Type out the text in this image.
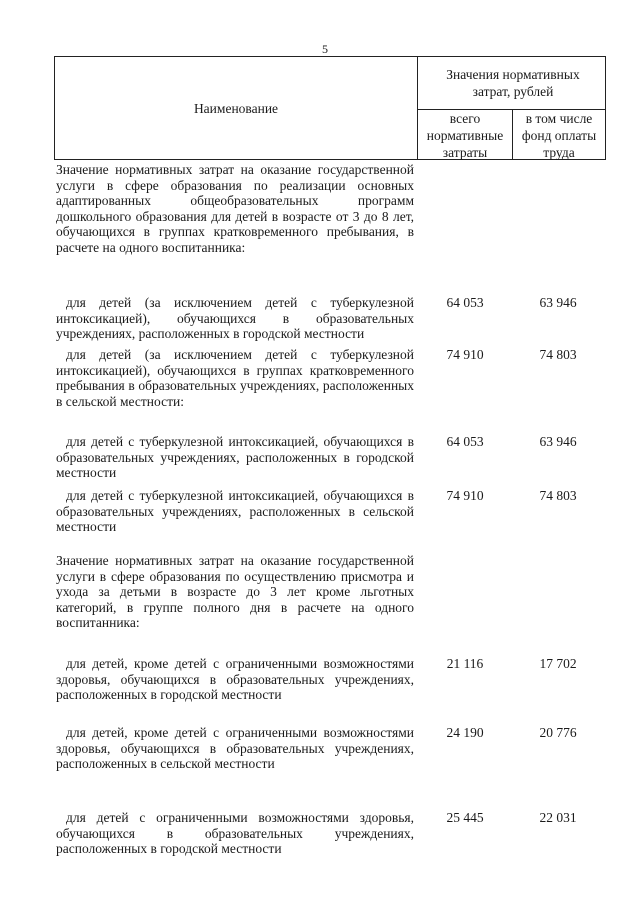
5
Наименование
Значения нормативных затрат, рублей
всего нормативные затраты
в том числе фонд оплаты труда
Значение нормативных затрат на оказание государственной услуги в сфере образования по реализации основных адаптированных общеобразовательных программ дошкольного образования для детей в возрасте от 3 до 8 лет, обучающихся в группах кратковременного пребывания, в расчете на одного воспитанника:
для детей (за исключением детей с туберкулезной интоксикацией), обучающихся в образовательных учреждениях, расположенных в городской местности
64 053	63 946
для детей (за исключением детей с туберкулезной интоксикацией), обучающихся в группах кратковременного пребывания в образовательных учреждениях, расположенных в сельской местности:
74 910	74 803
для детей с туберкулезной интоксикацией, обучающихся в образовательных учреждениях, расположенных в городской местности
64 053	63 946
для детей с туберкулезной интоксикацией, обучающихся в образовательных учреждениях, расположенных в сельской местности
74 910	74 803
Значение нормативных затрат на оказание государственной услуги в сфере образования по осуществлению присмотра и ухода за детьми в возрасте до 3 лет кроме льготных категорий, в группе полного дня в расчете на одного воспитанника:
для детей, кроме детей с ограниченными возможностями здоровья, обучающихся в образовательных учреждениях, расположенных в городской местности
21 116	17 702
для детей, кроме детей с ограниченными возможностями здоровья, обучающихся в образовательных учреждениях, расположенных в сельской местности
24 190	20 776
для детей с ограниченными возможностями здоровья, обучающихся в образовательных учреждениях, расположенных в городской местности
25 445	22 031
